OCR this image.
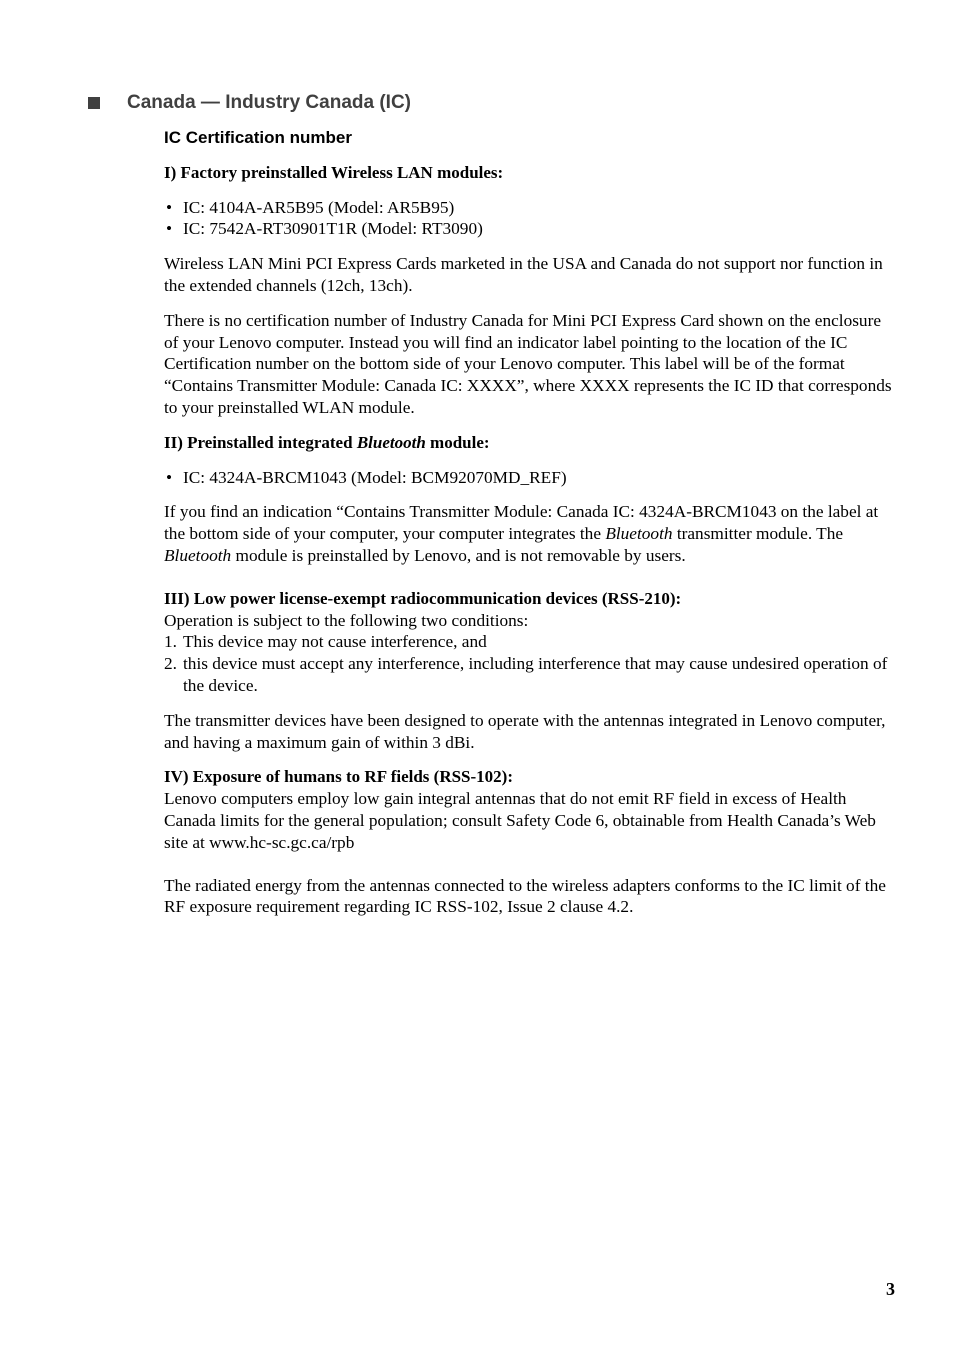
Canada — Industry Canada (IC)
IC Certification number
I) Factory preinstalled Wireless LAN modules:
• IC: 4104A-AR5B95 (Model: AR5B95)
• IC: 7542A-RT30901T1R (Model: RT3090)

Wireless LAN Mini PCI Express Cards marketed in the USA and Canada do not support nor function in the extended channels (12ch, 13ch).

There is no certification number of Industry Canada for Mini PCI Express Card shown on the enclosure of your Lenovo computer. Instead you will find an indicator label pointing to the location of the IC Certification number on the bottom side of your Lenovo computer. This label will be of the format “Contains Transmitter Module: Canada IC: XXXX”, where XXXX represents the IC ID that corresponds to your preinstalled WLAN module.

II) Preinstalled integrated Bluetooth module:
• IC: 4324A-BRCM1043 (Model: BCM92070MD_REF)

If you find an indication “Contains Transmitter Module: Canada IC: 4324A-BRCM1043 on the label at the bottom side of your computer, your computer integrates the Bluetooth transmitter module. The Bluetooth module is preinstalled by Lenovo, and is not removable by users.

III) Low power license-exempt radiocommunication devices (RSS-210):

Operation is subject to the following two conditions:

1. This device may not cause interference, and
2. this device must accept any interference, including interference that may cause undesired operation of the device.

The transmitter devices have been designed to operate with the antennas integrated in Lenovo computer, and having a maximum gain of within 3 dBi.

IV) Exposure of humans to RF fields (RSS-102):

Lenovo computers employ low gain integral antennas that do not emit RF field in excess of Health Canada limits for the general population; consult Safety Code 6, obtainable from Health Canada’s Web site at www.hc-sc.gc.ca/rpb

The radiated energy from the antennas connected to the wireless adapters conforms to the IC limit of the RF exposure requirement regarding IC RSS-102, Issue 2 clause 4.2.

3
